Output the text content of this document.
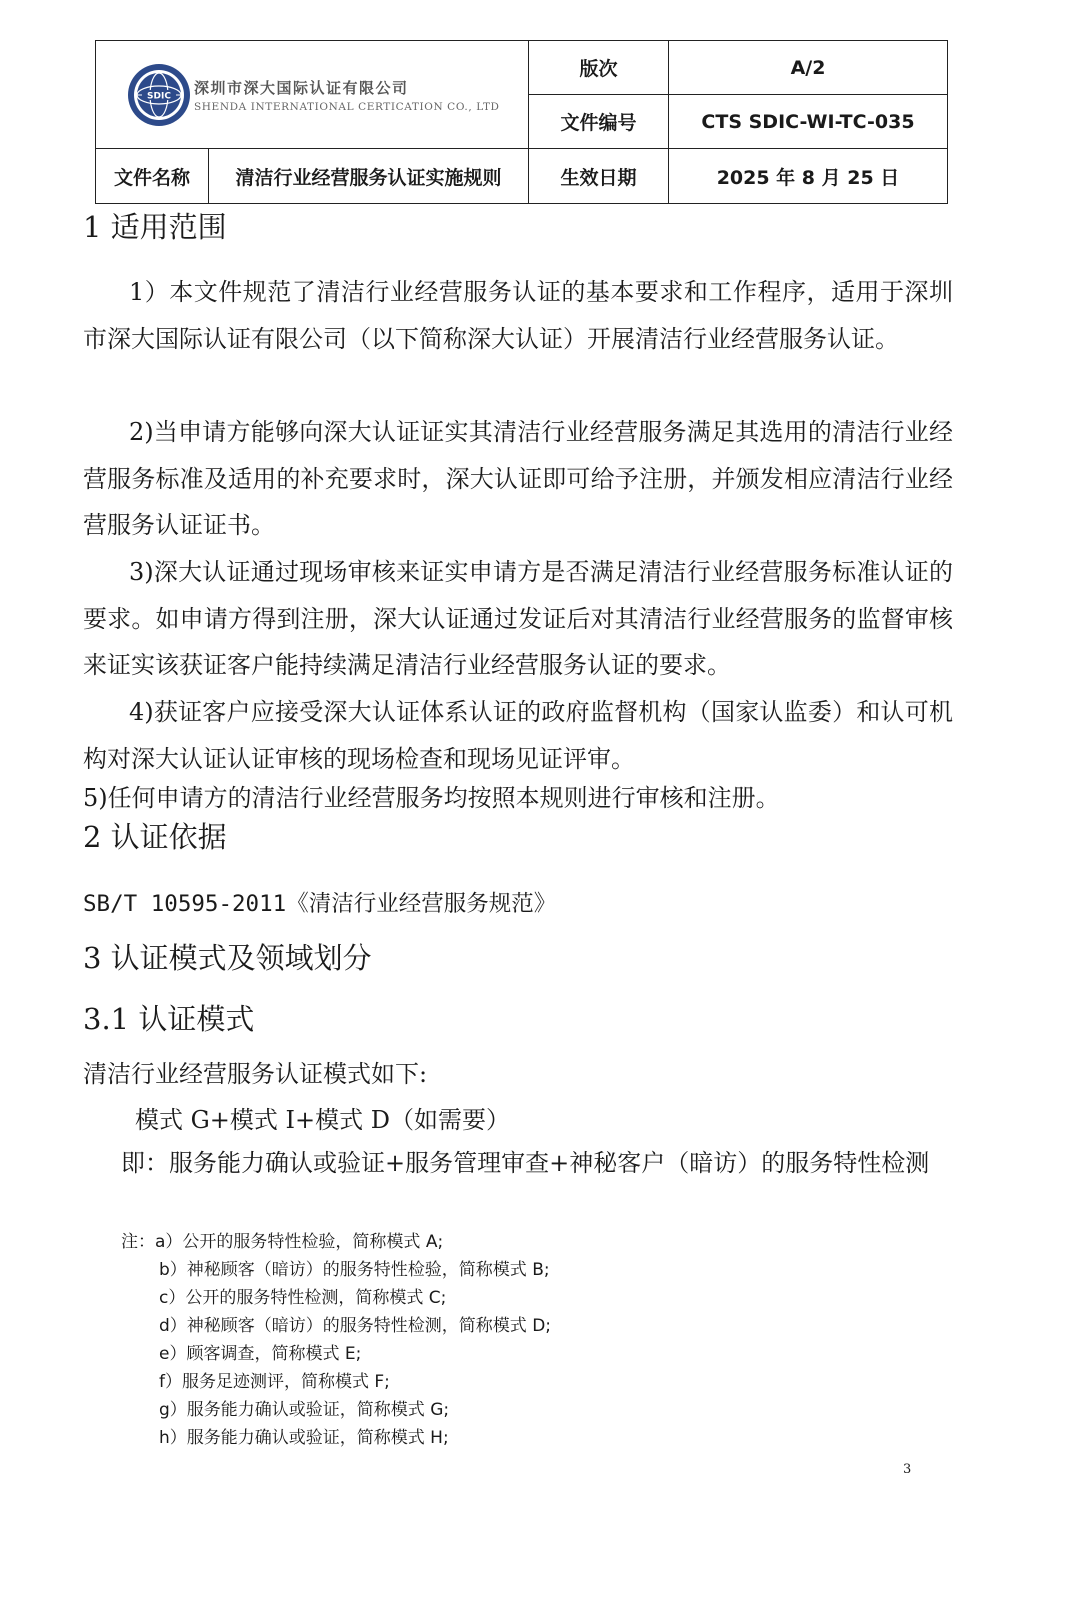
SDIC 深圳市深大国际认证有限公司
SHENDA INTERNATIONAL CERTICATION CO., LTD		版次	A/2
		文件编号	CTS SDIC-WI-TC-035
文件名称	清洁行业经营服务认证实施规则	生效日期	2025 年 8 月 25 日
1 适用范围
1）本文件规范了清洁行业经营服务认证的基本要求和工作程序，适用于深圳市深大国际认证有限公司（以下简称深大认证）开展清洁行业经营服务认证。
2)当申请方能够向深大认证证实其清洁行业经营服务满足其选用的清洁行业经营服务标准及适用的补充要求时，深大认证即可给予注册，并颁发相应清洁行业经营服务认证证书。
3)深大认证通过现场审核来证实申请方是否满足清洁行业经营服务标准认证的要求。如申请方得到注册，深大认证通过发证后对其清洁行业经营服务的监督审核来证实该获证客户能持续满足清洁行业经营服务认证的要求。
4)获证客户应接受深大认证体系认证的政府监督机构（国家认监委）和认可机构对深大认证认证审核的现场检查和现场见证评审。
5)任何申请方的清洁行业经营服务均按照本规则进行审核和注册。
2 认证依据
SB/T 10595-2011《清洁行业经营服务规范》
3 认证模式及领域划分
3.1 认证模式
清洁行业经营服务认证模式如下:
模式 G+模式 I+模式 D（如需要）
即：服务能力确认或验证+服务管理审查+神秘客户（暗访）的服务特性检测
注：a）公开的服务特性检验，简称模式 A;
b）神秘顾客（暗访）的服务特性检验，简称模式 B;
c）公开的服务特性检测，简称模式 C;
d）神秘顾客（暗访）的服务特性检测，简称模式 D;
e）顾客调查，简称模式 E;
f）服务足迹测评，简称模式 F;
g）服务能力确认或验证，简称模式 G;
h）服务能力确认或验证，简称模式 H;
3
